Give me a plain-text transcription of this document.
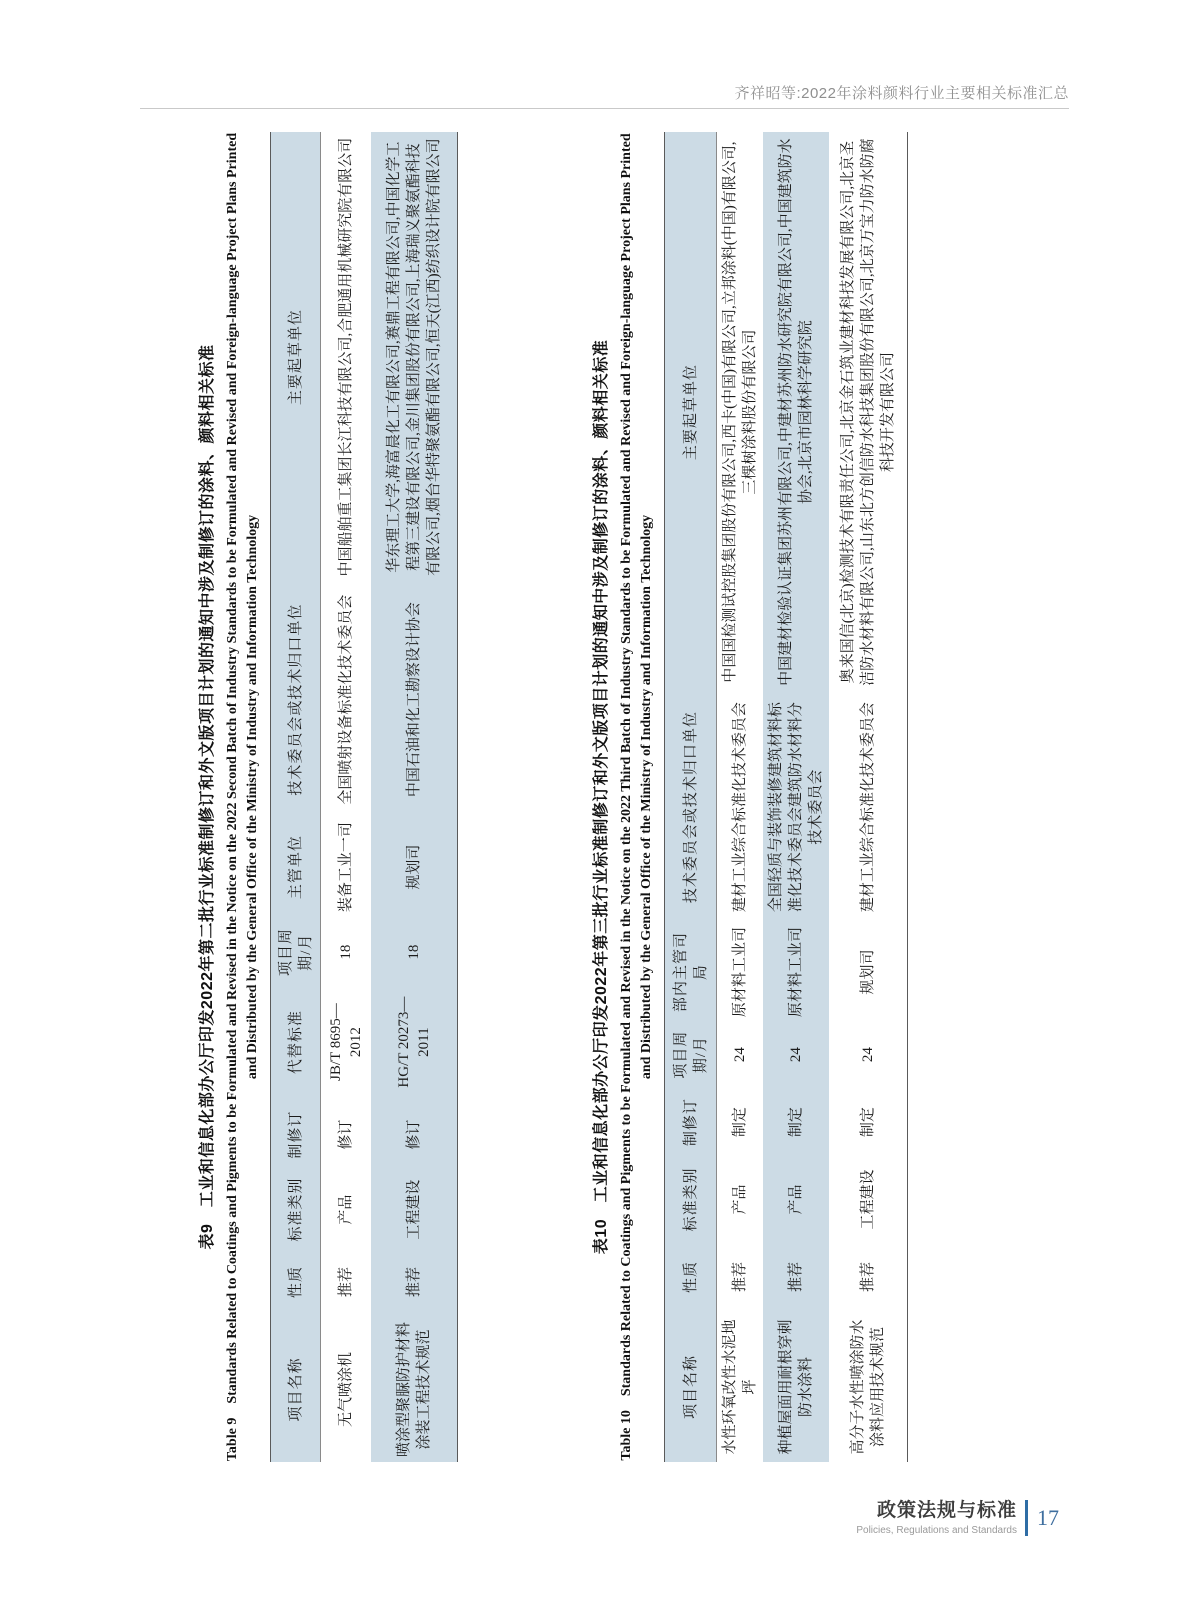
齐祥昭等:2022年涂料颜料行业主要相关标准汇总
表9　工业和信息化部办公厅印发2022年第二批行业标准制修订和外文版项目计划的通知中涉及制修订的涂料、颜料相关标准 Table 9　Standards Related to Coatings and Pigments to be Formulated and Revised in the Notice on the 2022 Second Batch of Industry Standards to be Formulated and Revised and Foreign-language Project Plans Printed and Distributed by the General Office of the Ministry of Industry and Information Technology
项目名称
性质
标准类别
制修订
代替标准
项目周期/月
主管单位
技术委员会或技术归口单位
主要起草单位
无气喷涂机
推荐
产品
修订
JB/T 8695—2012
18
装备工业一司
全国喷射设备标准化技术委员会
中国船舶重工集团长江科技有限公司,合肥通用机械研究院有限公司
喷涂型聚脲防护材料涂装工程技术规范
推荐
工程建设
修订
HG/T 20273—2011
18
规划司
中国石油和化工勘察设计协会
华东理工大学,海富晨化工有限公司,赛鼎工程有限公司,中国化学工程第三建设有限公司,金川集团股份有限公司,上海瑞义聚氨酯科技有限公司,烟台华特聚氨酯有限公司,恒天(江西)纺织设计院有限公司	表10　工业和信息化部办公厅印发2022年第三批行业标准制修订和外文版项目计划的通知中涉及制修订的涂料、颜料相关标准 Table 10　Standards Related to Coatings and Pigments to be Formulated and Revised in the Notice on the 2022 Third Batch of Industry Standards to be Formulated and Revised and Foreign-language Project Plans Printed and Distributed by the General Office of the Ministry of Industry and Information Technology
项目名称
性质
标准类别
制修订
项目周期/月
部内主管司局
技术委员会或技术归口单位
主要起草单位
水性环氧改性水泥地坪
推荐
产品
制定
24
原材料工业司
建材工业综合标准化技术委员会
中国国检测试控股集团股份有限公司,西卡(中国)有限公司,立邦涂料(中国)有限公司,三棵树涂料股份有限公司
种植屋面用耐根穿刺防水涂料
推荐
产品
制定
24
原材料工业司
全国轻质与装饰装修建筑材料标准化技术委员会建筑防水材料分技术委员会
中国建材检验认证集团苏州有限公司,中建材苏州防水研究院有限公司,中国建筑防水协会,北京市园林科学研究院
高分子水性喷涂防水涂料应用技术规范
推荐
工程建设
制定
24
规划司
建材工业综合标准化技术委员会
奥来国信(北京)检测技术有限责任公司,北京金石筑业建材科技发展有限公司,北京圣洁防水材料有限公司,山东北方创信防水科技集团股份有限公司,北京万宝力防水防腐科技开发有限公司
政策法规与标准
Policies, Regulations and Standards
17
